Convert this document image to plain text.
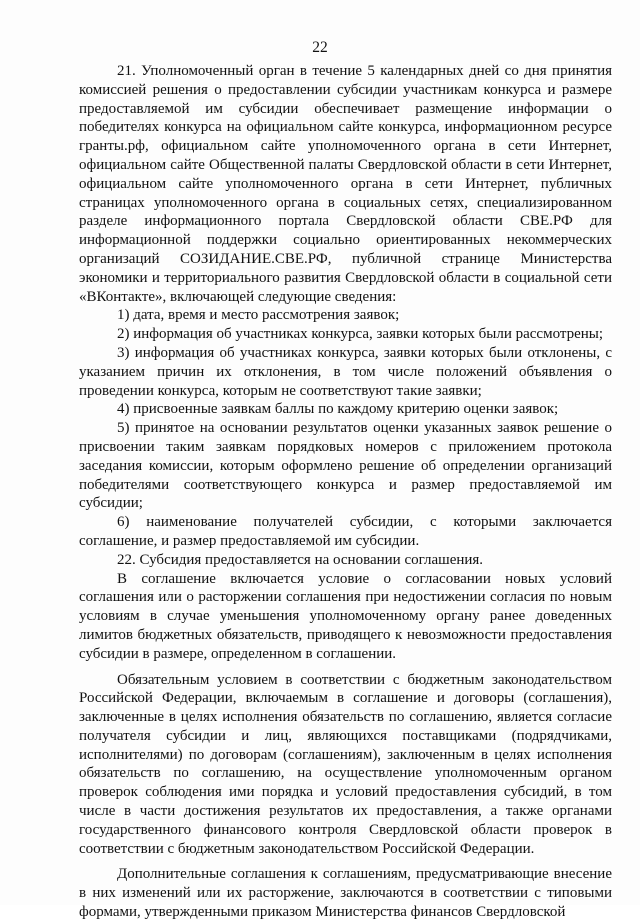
22

21. Уполномоченный орган в течение 5 календарных дней со дня принятия комиссией решения о предоставлении субсидии участникам конкурса и размере предоставляемой им субсидии обеспечивает размещение информации о победителях конкурса на официальном сайте конкурса, информационном ресурсе гранты.рф, официальном сайте уполномоченного органа в сети Интернет, официальном сайте Общественной палаты Свердловской области в сети Интернет, официальном сайте уполномоченного органа в сети Интернет, публичных страницах уполномоченного органа в социальных сетях, специализированном разделе информационного портала Свердловской области СВЕ.РФ для информационной поддержки социально ориентированных некоммерческих организаций СОЗИДАНИЕ.СВЕ.РФ, публичной странице Министерства экономики и территориального развития Свердловской области в социальной сети «ВКонтакте», включающей следующие сведения:

1) дата, время и место рассмотрения заявок;

2) информация об участниках конкурса, заявки которых были рассмотрены;

3) информация об участниках конкурса, заявки которых были отклонены, с указанием причин их отклонения, в том числе положений объявления о проведении конкурса, которым не соответствуют такие заявки;

4) присвоенные заявкам баллы по каждому критерию оценки заявок;

5) принятое на основании результатов оценки указанных заявок решение о присвоении таким заявкам порядковых номеров с приложением протокола заседания комиссии, которым оформлено решение об определении организаций победителями соответствующего конкурса и размер предоставляемой им субсидии;

6) наименование получателей субсидии, с которыми заключается соглашение, и размер предоставляемой им субсидии.

22. Субсидия предоставляется на основании соглашения.

В соглашение включается условие о согласовании новых условий соглашения или о расторжении соглашения при недостижении согласия по новым условиям в случае уменьшения уполномоченному органу ранее доведенных лимитов бюджетных обязательств, приводящего к невозможности предоставления субсидии в размере, определенном в соглашении.

Обязательным условием в соответствии с бюджетным законодательством Российской Федерации, включаемым в соглашение и договоры (соглашения), заключенные в целях исполнения обязательств по соглашению, является согласие получателя субсидии и лиц, являющихся поставщиками (подрядчиками, исполнителями) по договорам (соглашениям), заключенным в целях исполнения обязательств по соглашению, на осуществление уполномоченным органом проверок соблюдения ими порядка и условий предоставления субсидий, в том числе в части достижения результатов их предоставления, а также органами государственного финансового контроля Свердловской области проверок в соответствии с бюджетным законодательством Российской Федерации.

Дополнительные соглашения к соглашениям, предусматривающие внесение в них изменений или их расторжение, заключаются в соответствии с типовыми формами, утвержденными приказом Министерства финансов Свердловской
